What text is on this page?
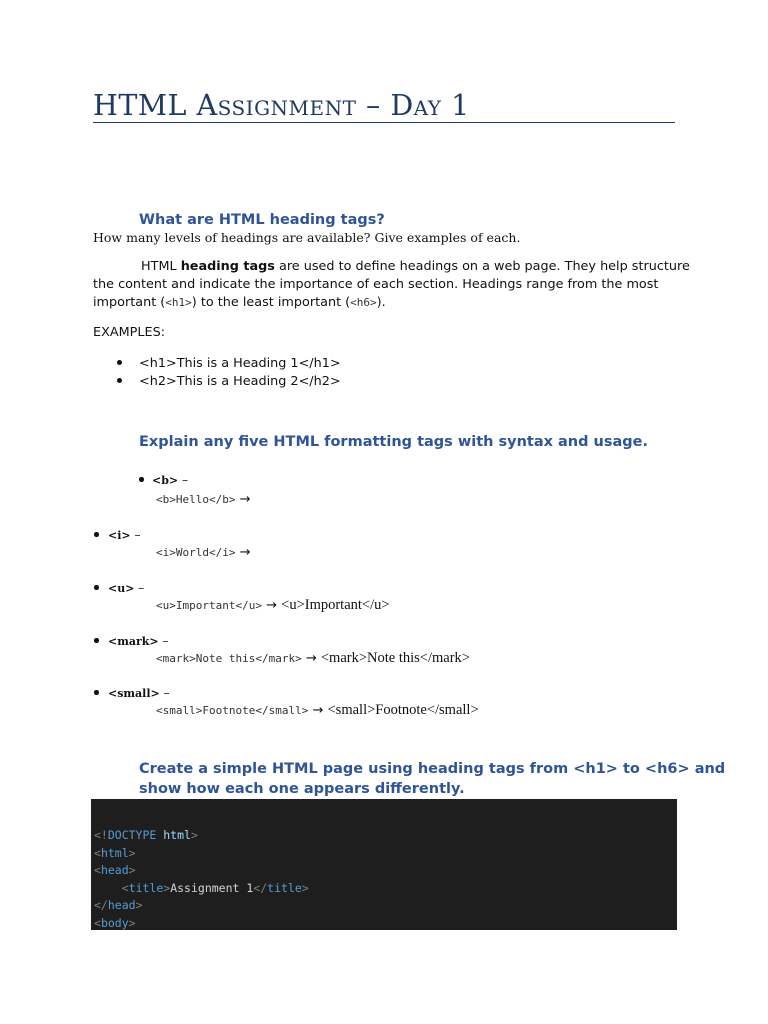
HTML Assignment – Day 1
What are HTML heading tags?
How many levels of headings are available? Give examples of each.
HTML heading tags are used to define headings on a web page. They help structure
the content and indicate the importance of each section. Headings range from the most
important (<h1>) to the least important (<h6>).
EXAMPLES:
<h1>This is a Heading 1</h1>
<h2>This is a Heading 2</h2>
Explain any five HTML formatting tags with syntax and usage.
<b> –
<b>Hello</b> →
<i> –
<i>World</i> →
<u> –
<u>Important</u> → <u>Important</u>
<mark> –
<mark>Note this</mark> → <mark>Note this</mark>
<small> –
<small>Footnote</small> → <small>Footnote</small>
Create a simple HTML page using heading tags from <h1> to <h6> and
show how each one appears differently.
<!DOCTYPE html>
<html>
<head>
<title>Assignment 1</title>
</head>
<body>
